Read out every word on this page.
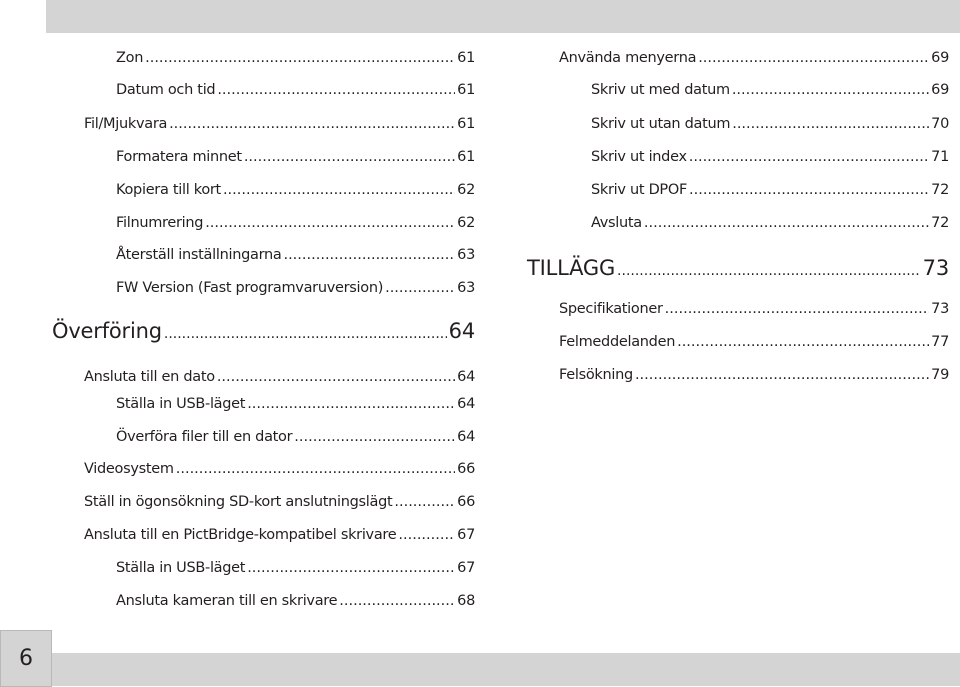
Zon .....	61
Datum och tid .....	61
Fil/Mjukvara .....	61
Formatera minnet .....	61
Kopiera till kort .....	62
Filnumrering .....	62
Återställ inställningarna .....	63
FW Version (Fast programvaruversion) .....	63
Överföring .....	64
Ansluta till en dato .....	64
Ställa in USB-läget .....	64
Överföra filer till en dator .....	64
Videosystem .....	66
Ställ in ögonsökning SD-kort anslutningslägt .....	66
Ansluta till en PictBridge-kompatibel skrivare .....	67
Ställa in USB-läget .....	67
Ansluta kameran till en skrivare .....	68
Använda menyerna .....	69
Skriv ut med datum .....	69
Skriv ut utan datum .....	70
Skriv ut index .....	71
Skriv ut DPOF .....	72
Avsluta .....	72
TILLÄGG .....	73
Specifikationer .....	73
Felmeddelanden .....	77
Felsökning .....	79
6
